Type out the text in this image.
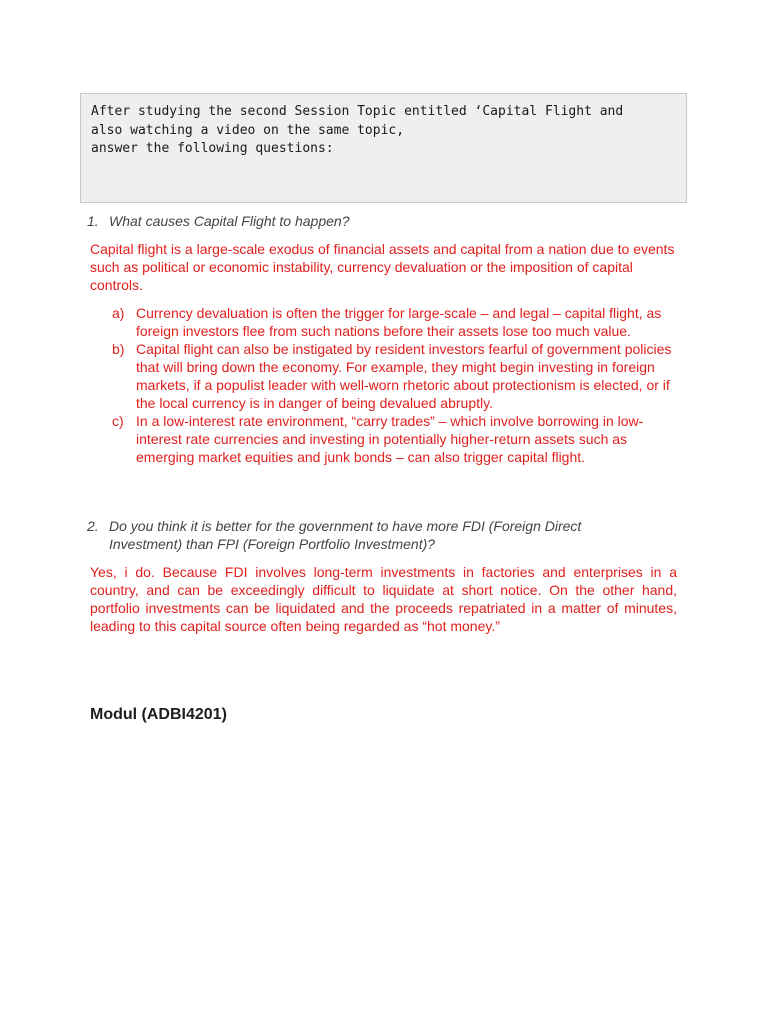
After studying the second Session Topic entitled ‘Capital Flight and
also watching a video on the same topic,
answer the following questions:
1. What causes Capital Flight to happen?
Capital flight is a large-scale exodus of financial assets and capital from a nation due to events such as political or economic instability, currency devaluation or the imposition of capital controls.
a) Currency devaluation is often the trigger for large-scale – and legal – capital flight, as foreign investors flee from such nations before their assets lose too much value.
b) Capital flight can also be instigated by resident investors fearful of government policies that will bring down the economy. For example, they might begin investing in foreign markets, if a populist leader with well-worn rhetoric about protectionism is elected, or if the local currency is in danger of being devalued abruptly.
c) In a low-interest rate environment, “carry trades” – which involve borrowing in low-interest rate currencies and investing in potentially higher-return assets such as emerging market equities and junk bonds – can also trigger capital flight.
2. Do you think it is better for the government to have more FDI (Foreign Direct Investment) than FPI (Foreign Portfolio Investment)?
Yes, i do. Because FDI involves long-term investments in factories and enterprises in a country, and can be exceedingly difficult to liquidate at short notice. On the other hand, portfolio investments can be liquidated and the proceeds repatriated in a matter of minutes, leading to this capital source often being regarded as “hot money.”
Modul (ADBI4201)
